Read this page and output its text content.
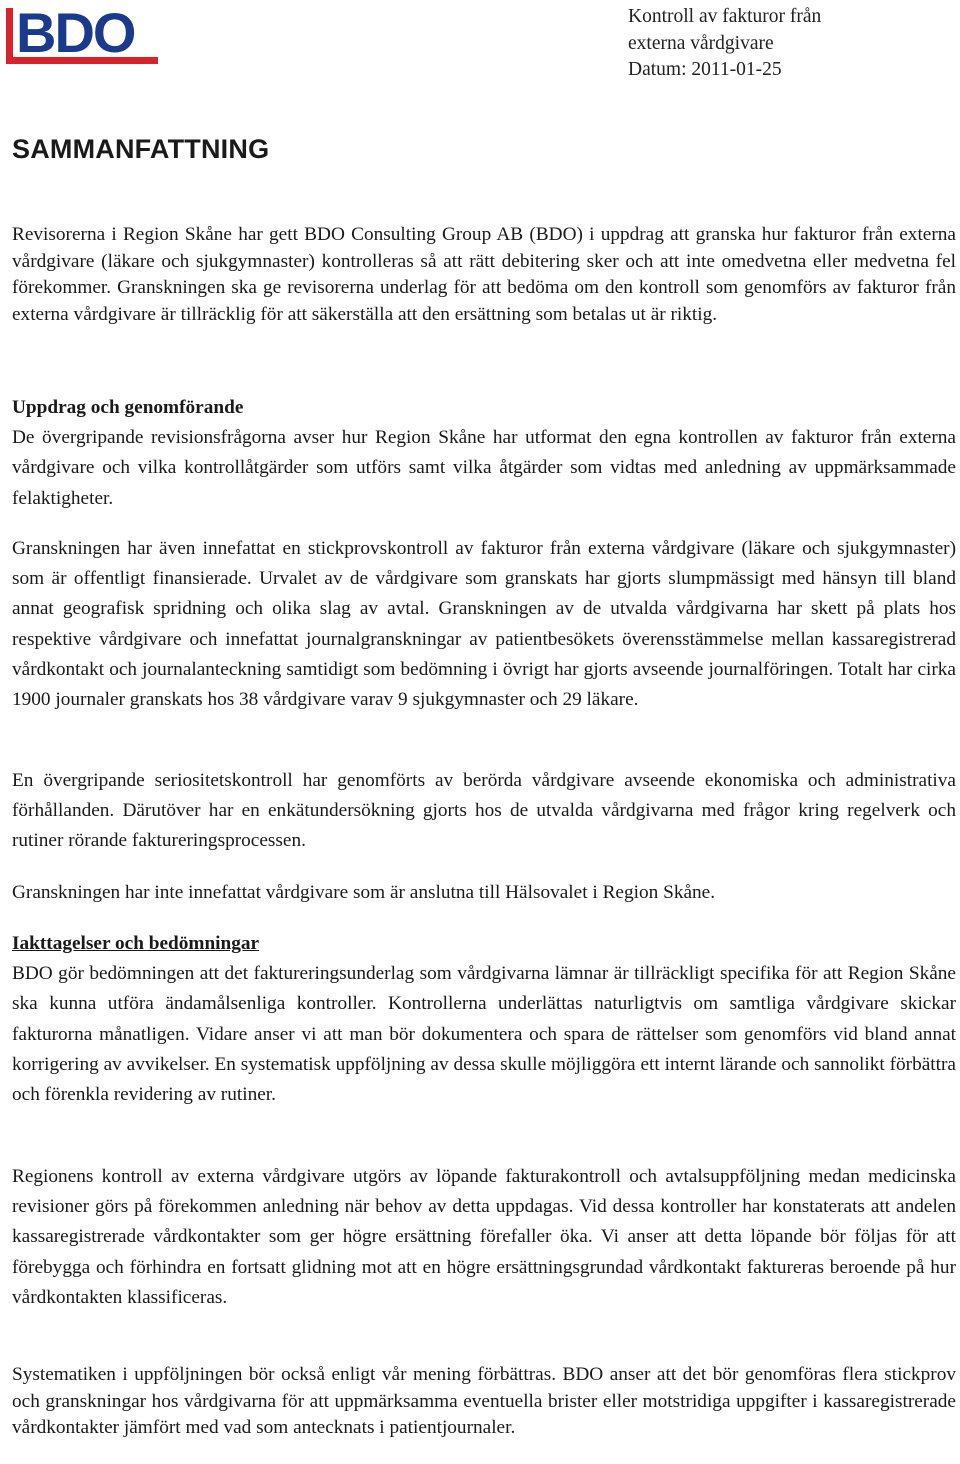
BDO	Kontroll av fakturor från
externa vårdgivare
Datum: 2011-01-25
SAMMANFATTNING

Revisorerna i Region Skåne har gett BDO Consulting Group AB (BDO) i uppdrag att granska hur fakturor från externa vårdgivare (läkare och sjukgymnaster) kontrolleras så att rätt debitering sker och att inte omedvetna eller medvetna fel förekommer. Granskningen ska ge revisorerna underlag för att bedöma om den kontroll som genomförs av fakturor från externa vårdgivare är tillräcklig för att säkerställa att den ersättning som betalas ut är riktig.

Uppdrag och genomförande
De övergripande revisionsfrågorna avser hur Region Skåne har utformat den egna kontrollen av fakturor från externa vårdgivare och vilka kontrollåtgärder som utförs samt vilka åtgärder som vidtas med anledning av uppmärksammade felaktigheter.

Granskningen har även innefattat en stickprovskontroll av fakturor från externa vårdgivare (läkare och sjukgymnaster) som är offentligt finansierade. Urvalet av de vårdgivare som granskats har gjorts slumpmässigt med hänsyn till bland annat geografisk spridning och olika slag av avtal. Granskningen av de utvalda vårdgivarna har skett på plats hos respektive vårdgivare och innefattat journalgranskningar av patientbesökets överensstämmelse mellan kassaregistrerad vårdkontakt och journalanteckning samtidigt som bedömning i övrigt har gjorts avseende journalföringen. Totalt har cirka 1900 journaler granskats hos 38 vårdgivare varav 9 sjukgymnaster och 29 läkare.

En övergripande seriositetskontroll har genomförts av berörda vårdgivare avseende ekonomiska och administrativa förhållanden. Därutöver har en enkätundersökning gjorts hos de utvalda vårdgivarna med frågor kring regelverk och rutiner rörande faktureringsprocessen.

Granskningen har inte innefattat vårdgivare som är anslutna till Hälsovalet i Region Skåne.

Iakttagelser och bedömningar
BDO gör bedömningen att det faktureringsunderlag som vårdgivarna lämnar är tillräckligt specifika för att Region Skåne ska kunna utföra ändamålsenliga kontroller. Kontrollerna underlättas naturligtvis om samtliga vårdgivare skickar fakturorna månatligen. Vidare anser vi att man bör dokumentera och spara de rättelser som genomförs vid bland annat korrigering av avvikelser. En systematisk uppföljning av dessa skulle möjliggöra ett internt lärande och sannolikt förbättra och förenkla revidering av rutiner.

Regionens kontroll av externa vårdgivare utgörs av löpande fakturakontroll och avtalsuppföljning medan medicinska revisioner görs på förekommen anledning när behov av detta uppdagas. Vid dessa kontroller har konstaterats att andelen kassaregistrerade vårdkontakter som ger högre ersättning förefaller öka. Vi anser att detta löpande bör följas för att förebygga och förhindra en fortsatt glidning mot att en högre ersättningsgrundad vårdkontakt faktureras beroende på hur vårdkontakten klassificeras.

Systematiken i uppföljningen bör också enligt vår mening förbättras. BDO anser att det bör genomföras flera stickprov och granskningar hos vårdgivarna för att uppmärksamma eventuella brister eller motstridiga uppgifter i kassaregistrerade vårdkontakter jämfört med vad som antecknats i patientjournaler.
